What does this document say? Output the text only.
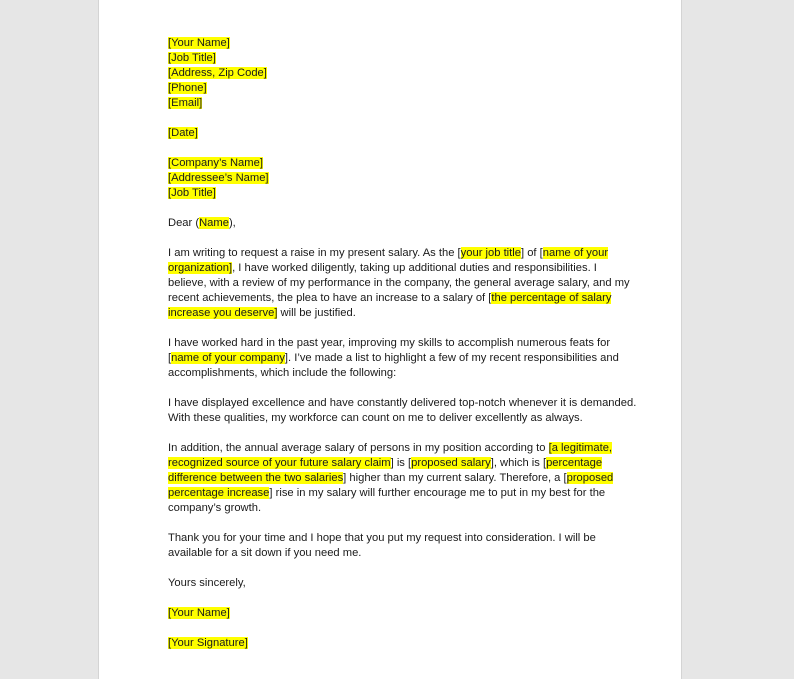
[Your Name]
[Job Title]
[Address, Zip Code]
[Phone]
[Email]
[Date]
[Company’s Name]
[Addressee’s Name]
[Job Title]
Dear (Name),
I am writing to request a raise in my present salary. As the [your job title] of [name of your
organization], I have worked diligently, taking up additional duties and responsibilities. I
believe, with a review of my performance in the company, the general average salary, and my
recent achievements, the plea to have an increase to a salary of [the percentage of salary
increase you deserve] will be justified.
I have worked hard in the past year, improving my skills to accomplish numerous feats for
[name of your company]. I’ve made a list to highlight a few of my recent responsibilities and
accomplishments, which include the following:
I have displayed excellence and have constantly delivered top-notch whenever it is demanded.
With these qualities, my workforce can count on me to deliver excellently as always.
In addition, the annual average salary of persons in my position according to [a legitimate,
recognized source of your future salary claim] is [proposed salary], which is [percentage
difference between the two salaries] higher than my current salary. Therefore, a [proposed
percentage increase] rise in my salary will further encourage me to put in my best for the
company’s growth.
Thank you for your time and I hope that you put my request into consideration. I will be
available for a sit down if you need me.
Yours sincerely,
[Your Name]
[Your Signature]
